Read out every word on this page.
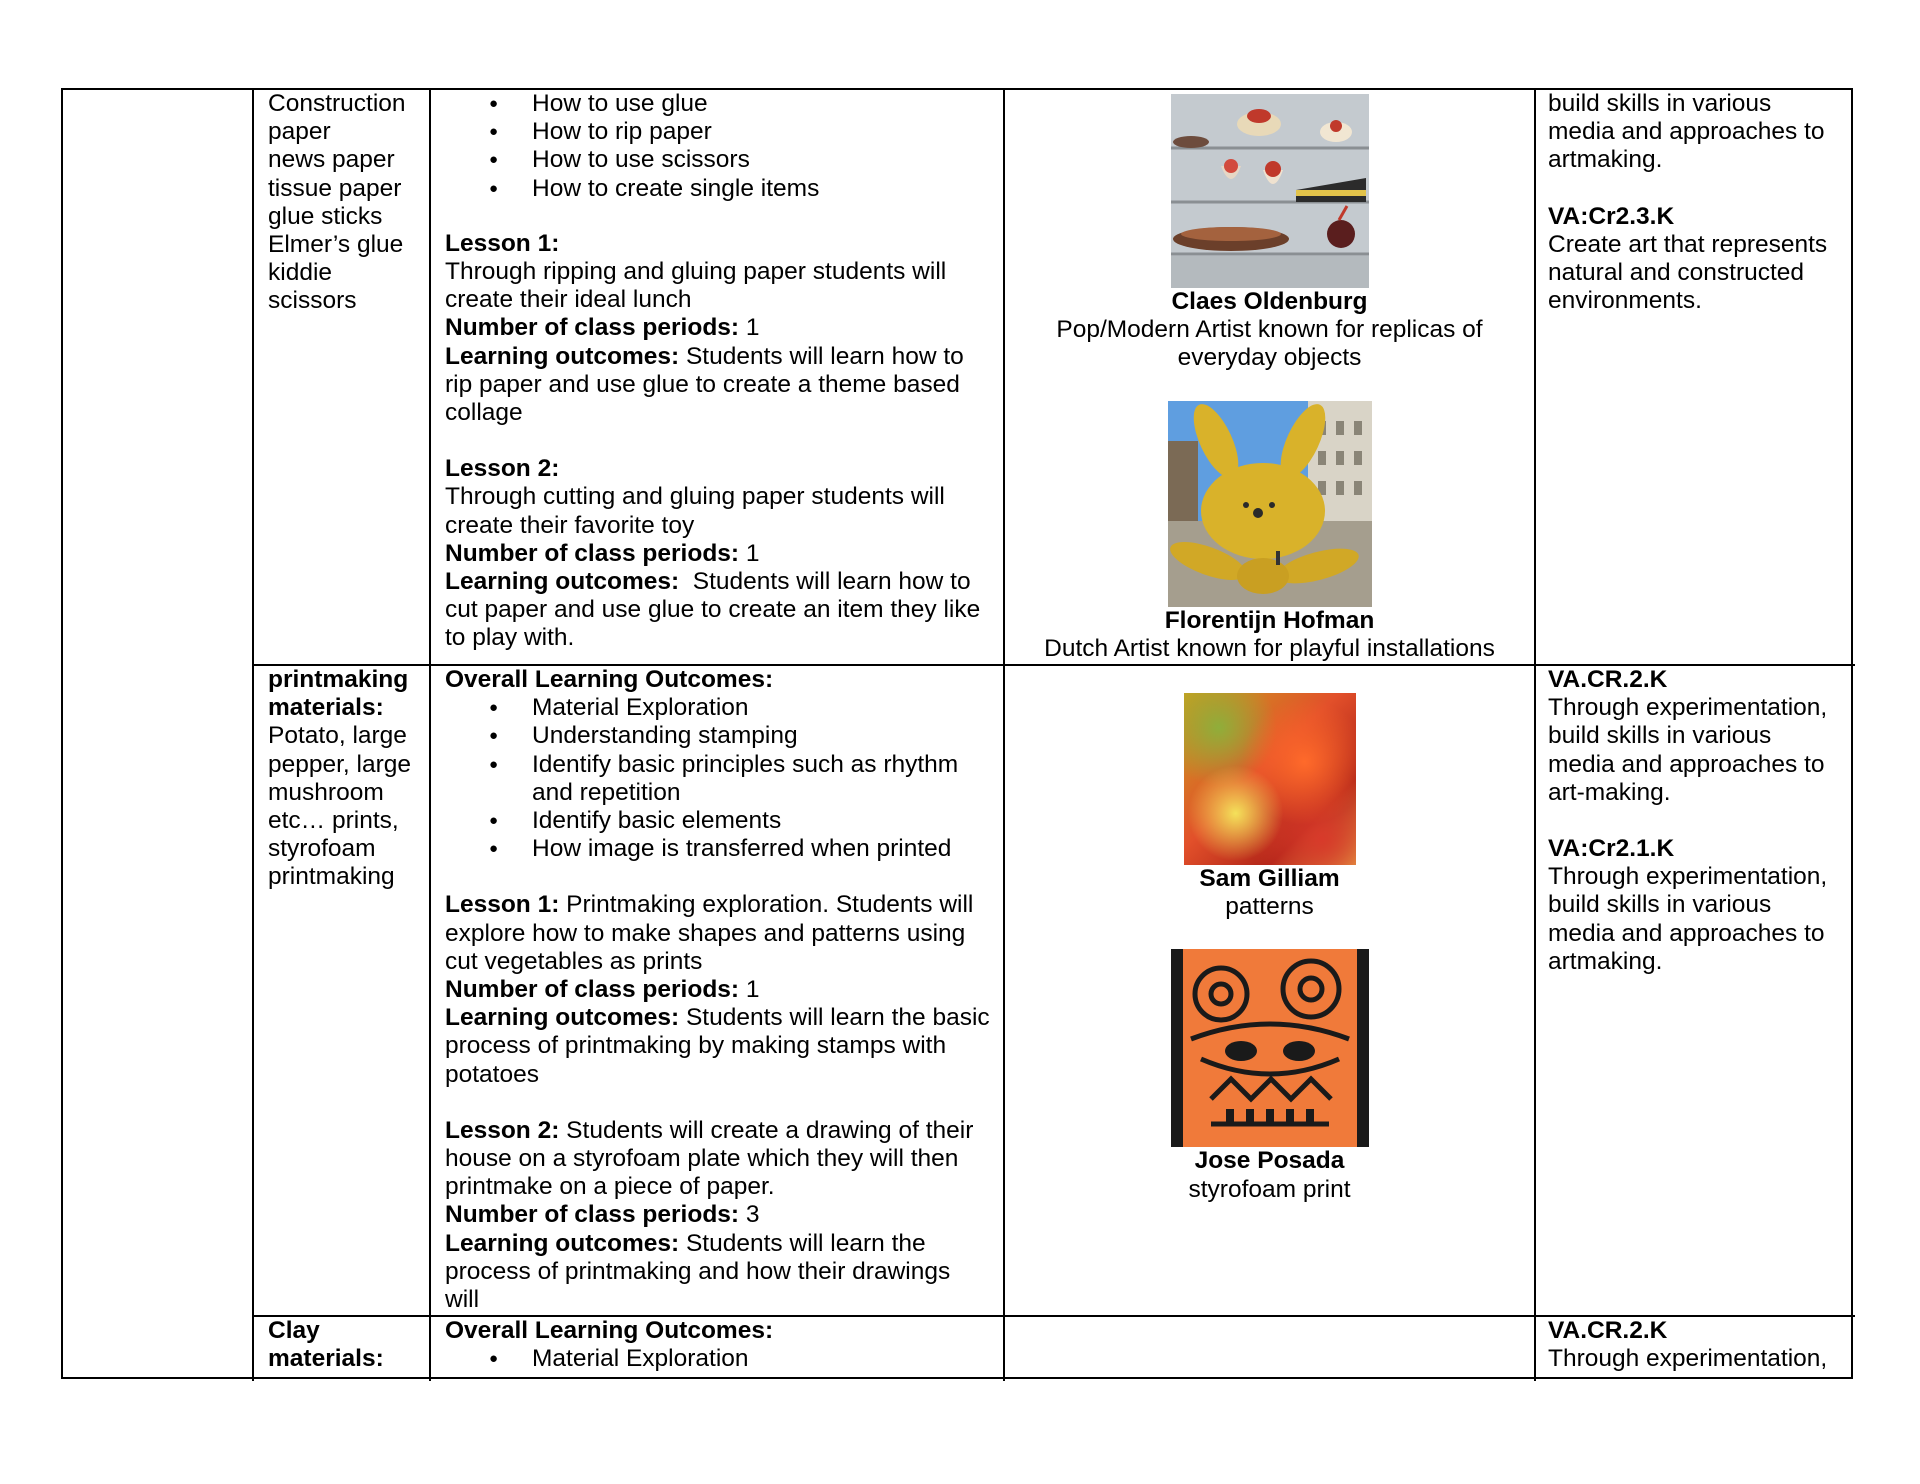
Construction
paper
news paper
tissue paper
glue sticks
Elmer’s glue
kiddie
scissors
● How to use glue
● How to rip paper
● How to use scissors
● How to create single items
Lesson 1:
Through ripping and gluing paper students will
create their ideal lunch
Number of class periods: 1
Learning outcomes: Students will learn how to
rip paper and use glue to create a theme based
collage
Lesson 2:
Through cutting and gluing paper students will
create their favorite toy
Number of class periods: 1
Learning outcomes:  Students will learn how to
cut paper and use glue to create an item they like
to play with.
Claes Oldenburg
Pop/Modern Artist known for replicas of
everyday objects
Florentijn Hofman
Dutch Artist known for playful installations
build skills in various
media and approaches to
artmaking.
VA:Cr2.3.K
Create art that represents
natural and constructed
environments.
printmaking
materials:
Potato, large
pepper, large
mushroom
etc… prints,
styrofoam
printmaking
Overall Learning Outcomes:
● Material Exploration
● Understanding stamping
● Identify basic principles such as rhythm
and repetition
● Identify basic elements
● How image is transferred when printed
Lesson 1: Printmaking exploration. Students will
explore how to make shapes and patterns using
cut vegetables as prints
Number of class periods: 1
Learning outcomes: Students will learn the basic
process of printmaking by making stamps with
potatoes
Lesson 2: Students will create a drawing of their
house on a styrofoam plate which they will then
printmake on a piece of paper.
Number of class periods: 3
Learning outcomes: Students will learn the
process of printmaking and how their drawings will
Sam Gilliam
patterns
Jose Posada
styrofoam print
VA.CR.2.K
Through experimentation,
build skills in various
media and approaches to
art-making.
VA:Cr2.1.K
Through experimentation,
build skills in various
media and approaches to
artmaking.
Clay
materials:
Overall Learning Outcomes:
● Material Exploration
VA.CR.2.K
Through experimentation,
